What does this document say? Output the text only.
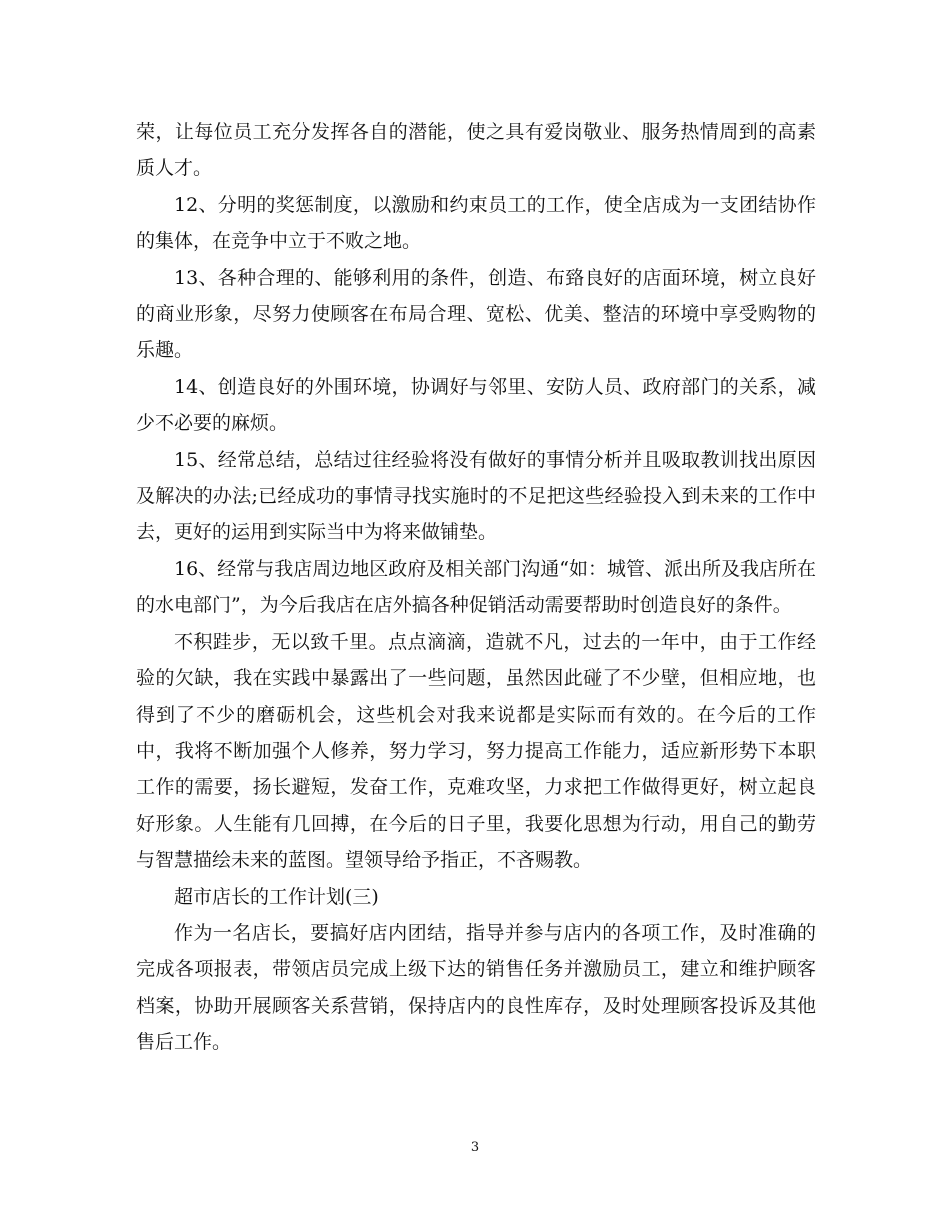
荣，让每位员工充分发挥各自的潜能，使之具有爱岗敬业、服务热情周到的高素质人才。

12、分明的奖惩制度，以激励和约束员工的工作，使全店成为一支团结协作的集体，在竞争中立于不败之地。

13、各种合理的、能够利用的条件，创造、布臵良好的店面环境，树立良好的商业形象，尽努力使顾客在布局合理、宽松、优美、整洁的环境中享受购物的乐趣。

14、创造良好的外围环境，协调好与邻里、安防人员、政府部门的关系，减少不必要的麻烦。

15、经常总结，总结过往经验将没有做好的事情分析并且吸取教训找出原因及解决的办法;已经成功的事情寻找实施时的不足把这些经验投入到未来的工作中去，更好的运用到实际当中为将来做铺垫。

16、经常与我店周边地区政府及相关部门沟通“如：城管、派出所及我店所在的水电部门”，为今后我店在店外搞各种促销活动需要帮助时创造良好的条件。

不积跬步，无以致千里。点点滴滴，造就不凡，过去的一年中，由于工作经验的欠缺，我在实践中暴露出了一些问题，虽然因此碰了不少壁，但相应地，也得到了不少的磨砺机会，这些机会对我来说都是实际而有效的。在今后的工作中，我将不断加强个人修养，努力学习，努力提高工作能力，适应新形势下本职工作的需要，扬长避短，发奋工作，克难攻坚，力求把工作做得更好，树立起良好形象。人生能有几回搏，在今后的日子里，我要化思想为行动，用自己的勤劳与智慧描绘未来的蓝图。望领导给予指正，不吝赐教。

超市店长的工作计划(三)

作为一名店长，要搞好店内团结，指导并参与店内的各项工作，及时准确的完成各项报表，带领店员完成上级下达的销售任务并激励员工，建立和维护顾客档案，协助开展顾客关系营销，保持店内的良性库存，及时处理顾客投诉及其他售后工作。

3
